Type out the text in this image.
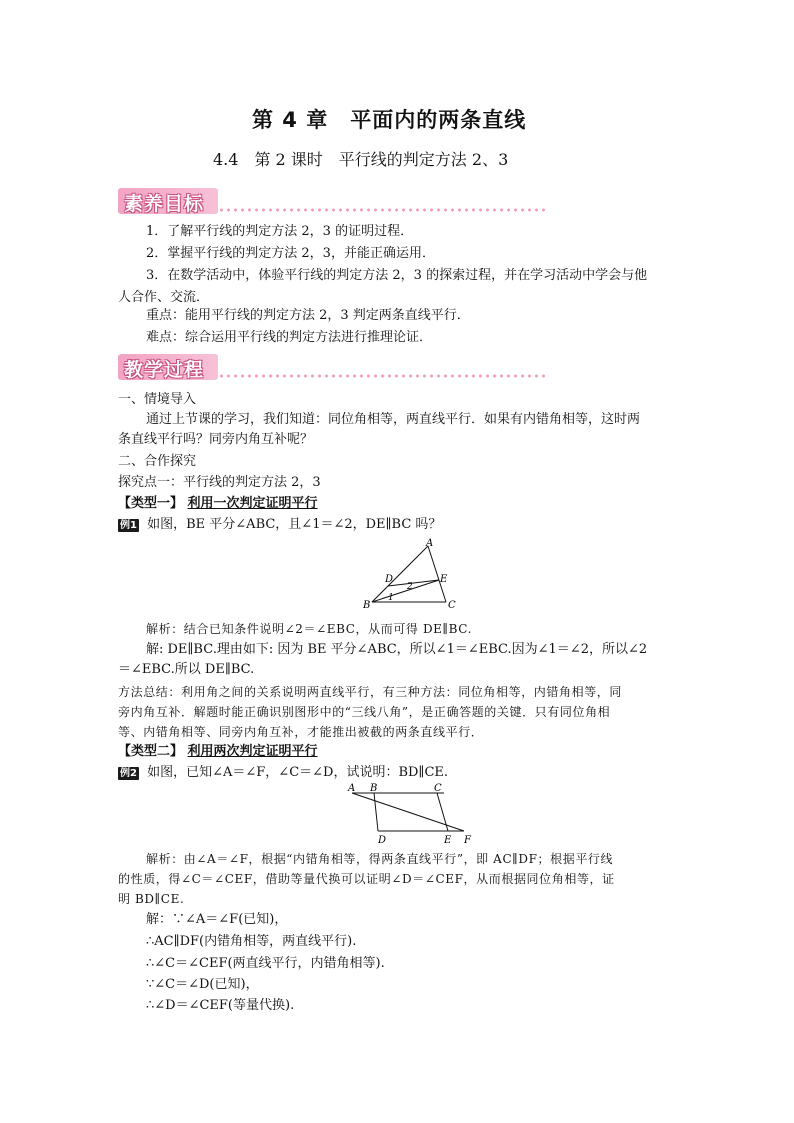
第 4 章　平面内的两条直线
4.4　第 2 课时　平行线的判定方法 2、3
素养目标
1．了解平行线的判定方法 2，3 的证明过程．
2．掌握平行线的判定方法 2，3，并能正确运用．
3．在数学活动中，体验平行线的判定方法 2，3 的探索过程，并在学习活动中学会与他
人合作、交流．
重点：能用平行线的判定方法 2，3 判定两条直线平行．
难点：综合运用平行线的判定方法进行推理论证．
教学过程
一、情境导入
通过上节课的学习，我们知道：同位角相等，两直线平行．如果有内错角相等，这时两
条直线平行吗？同旁内角互补呢？
二、合作探究
探究点一：平行线的判定方法 2，3
【类型一】 利用一次判定证明平行
例1 如图，BE 平分∠ABC，且∠1＝∠2，DE∥BC 吗？
A
B	C
D	E
1
2
解析：结合已知条件说明∠2＝∠EBC，从而可得 DE∥BC.
解: DE∥BC.理由如下: 因为 BE 平分∠ABC，所以∠1＝∠EBC.因为∠1＝∠2，所以∠2
＝∠EBC.所以 DE∥BC.
方法总结：利用角之间的关系说明两直线平行，有三种方法：同位角相等，内错角相等，同
旁内角互补．解题时能正确识别图形中的“三线八角”，是正确答题的关键．只有同位角相
等、内错角相等、同旁内角互补，才能推出被截的两条直线平行．
【类型二】 利用两次判定证明平行
例2 如图，已知∠A＝∠F，∠C＝∠D，试说明：BD∥CE.
A B	C
D	E F
解析：由∠A＝∠F，根据“内错角相等，得两条直线平行”，即 AC∥DF；根据平行线
的性质，得∠C＝∠CEF，借助等量代换可以证明∠D＝∠CEF，从而根据同位角相等，证
明 BD∥CE.
解：∵∠A＝∠F(已知)，
∴AC∥DF(内错角相等，两直线平行).
∴∠C＝∠CEF(两直线平行，内错角相等).
∵∠C＝∠D(已知)，
∴∠D＝∠CEF(等量代换).
